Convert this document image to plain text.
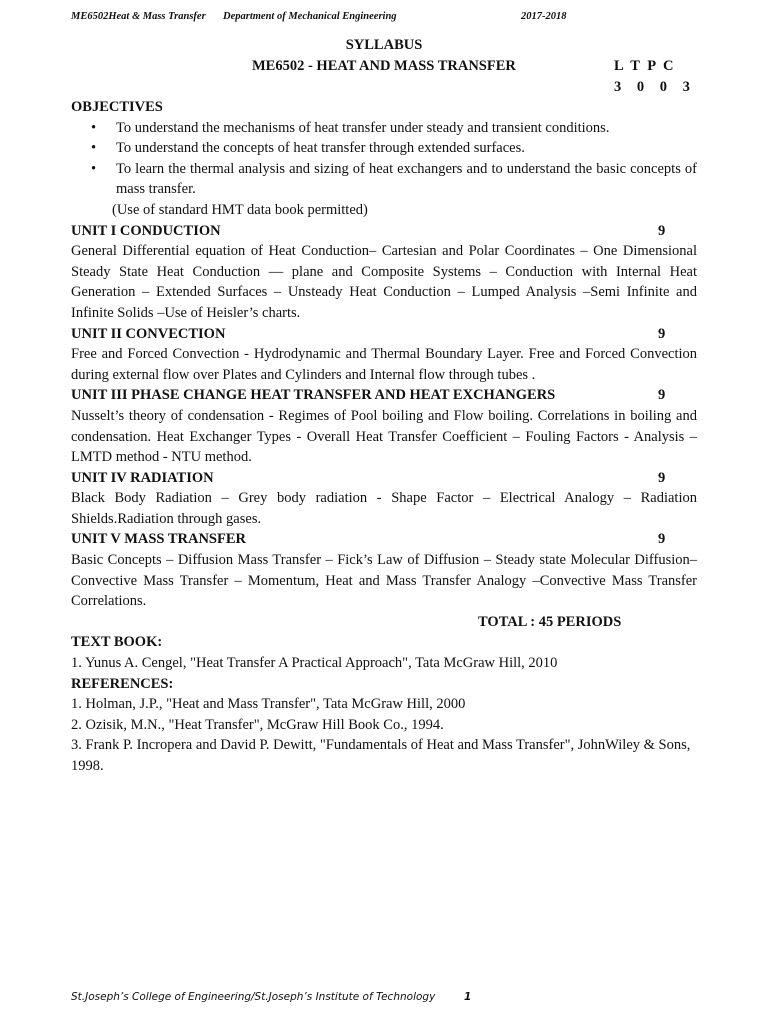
ME6502Heat & Mass Transfer Department of Mechanical Engineering	2017-2018
SYLLABUS
ME6502 - HEAT AND MASS TRANSFER	L T P C
3 0 0 3
OBJECTIVES
• To understand the mechanisms of heat transfer under steady and transient conditions.
• To understand the concepts of heat transfer through extended surfaces.
• To learn the thermal analysis and sizing of heat exchangers and to understand the basic concepts of mass transfer.
(Use of standard HMT data book permitted)
UNIT I CONDUCTION	9
General Differential equation of Heat Conduction– Cartesian and Polar Coordinates – One Dimensional Steady State Heat Conduction — plane and Composite Systems – Conduction with Internal Heat Generation – Extended Surfaces – Unsteady Heat Conduction – Lumped Analysis –Semi Infinite and Infinite Solids –Use of Heisler’s charts.
UNIT II CONVECTION	9
Free and Forced Convection - Hydrodynamic and Thermal Boundary Layer. Free and Forced Convection during external flow over Plates and Cylinders and Internal flow through tubes .
UNIT III PHASE CHANGE HEAT TRANSFER AND HEAT EXCHANGERS	9
Nusselt’s theory of condensation - Regimes of Pool boiling and Flow boiling. Correlations in boiling and condensation. Heat Exchanger Types - Overall Heat Transfer Coefficient – Fouling Factors - Analysis – LMTD method - NTU method.
UNIT IV RADIATION	9
Black Body Radiation – Grey body radiation - Shape Factor – Electrical Analogy – Radiation Shields.Radiation through gases.
UNIT V MASS TRANSFER	9
Basic Concepts – Diffusion Mass Transfer – Fick’s Law of Diffusion – Steady state Molecular Diffusion– Convective Mass Transfer – Momentum, Heat and Mass Transfer Analogy –Convective Mass Transfer Correlations.
TOTAL : 45 PERIODS
TEXT BOOK:
1. Yunus A. Cengel, "Heat Transfer A Practical Approach", Tata McGraw Hill, 2010
REFERENCES:
1. Holman, J.P., "Heat and Mass Transfer", Tata McGraw Hill, 2000
2. Ozisik, M.N., "Heat Transfer", McGraw Hill Book Co., 1994.
3. Frank P. Incropera and David P. Dewitt, "Fundamentals of Heat and Mass Transfer", JohnWiley & Sons, 1998.
St.Joseph’s College of Engineering/St.Joseph’s Institute of Technology	1
